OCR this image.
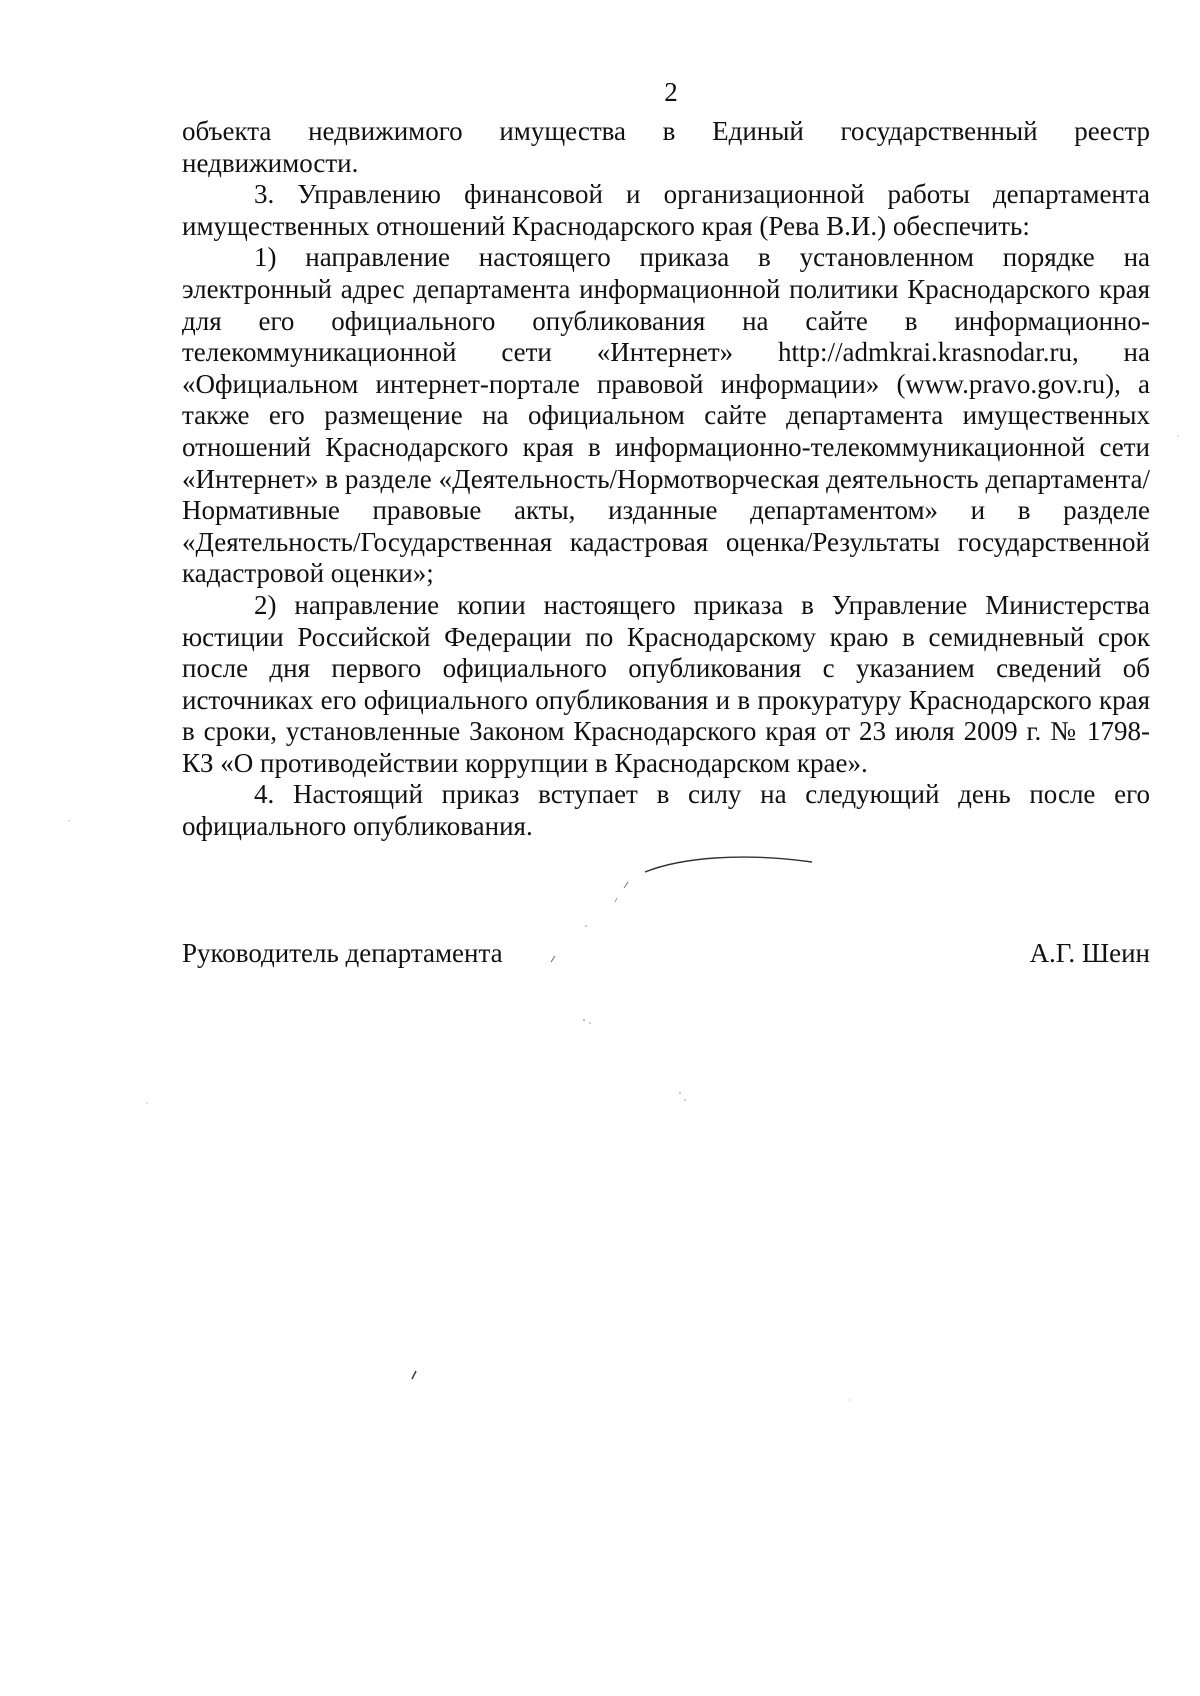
2

объекта недвижимого имущества в Единый государственный реестр недвижимости.

3. Управлению финансовой и организационной работы департамента имущественных отношений Краснодарского края (Рева В.И.) обеспечить:

1) направление настоящего приказа в установленном порядке на электронный адрес департамента информационной политики Краснодарского края для его официального опубликования на сайте в информационно-телекоммуникационной сети «Интернет» http://admkrai.krasnodar.ru, на «Официальном интернет-портале правовой информации» (www.pravo.gov.ru), а также его размещение на официальном сайте департамента имущественных отношений Краснодарского края в информационно-телекоммуникационной сети «Интернет» в разделе «Деятельность/Нормотворческая деятельность департамента/Нормативные правовые акты, изданные департаментом» и в разделе «Деятельность/Государственная кадастровая оценка/Результаты государственной кадастровой оценки»;

2) направление копии настоящего приказа в Управление Министерства юстиции Российской Федерации по Краснодарскому краю в семидневный срок после дня первого официального опубликования с указанием сведений об источниках его официального опубликования и в прокуратуру Краснодарского края в сроки, установленные Законом Краснодарского края от 23 июля 2009 г. № 1798-КЗ «О противодействии коррупции в Краснодарском крае».

4. Настоящий приказ вступает в силу на следующий день после его официального опубликования.

Руководитель департамента	А.Г. Шеин
